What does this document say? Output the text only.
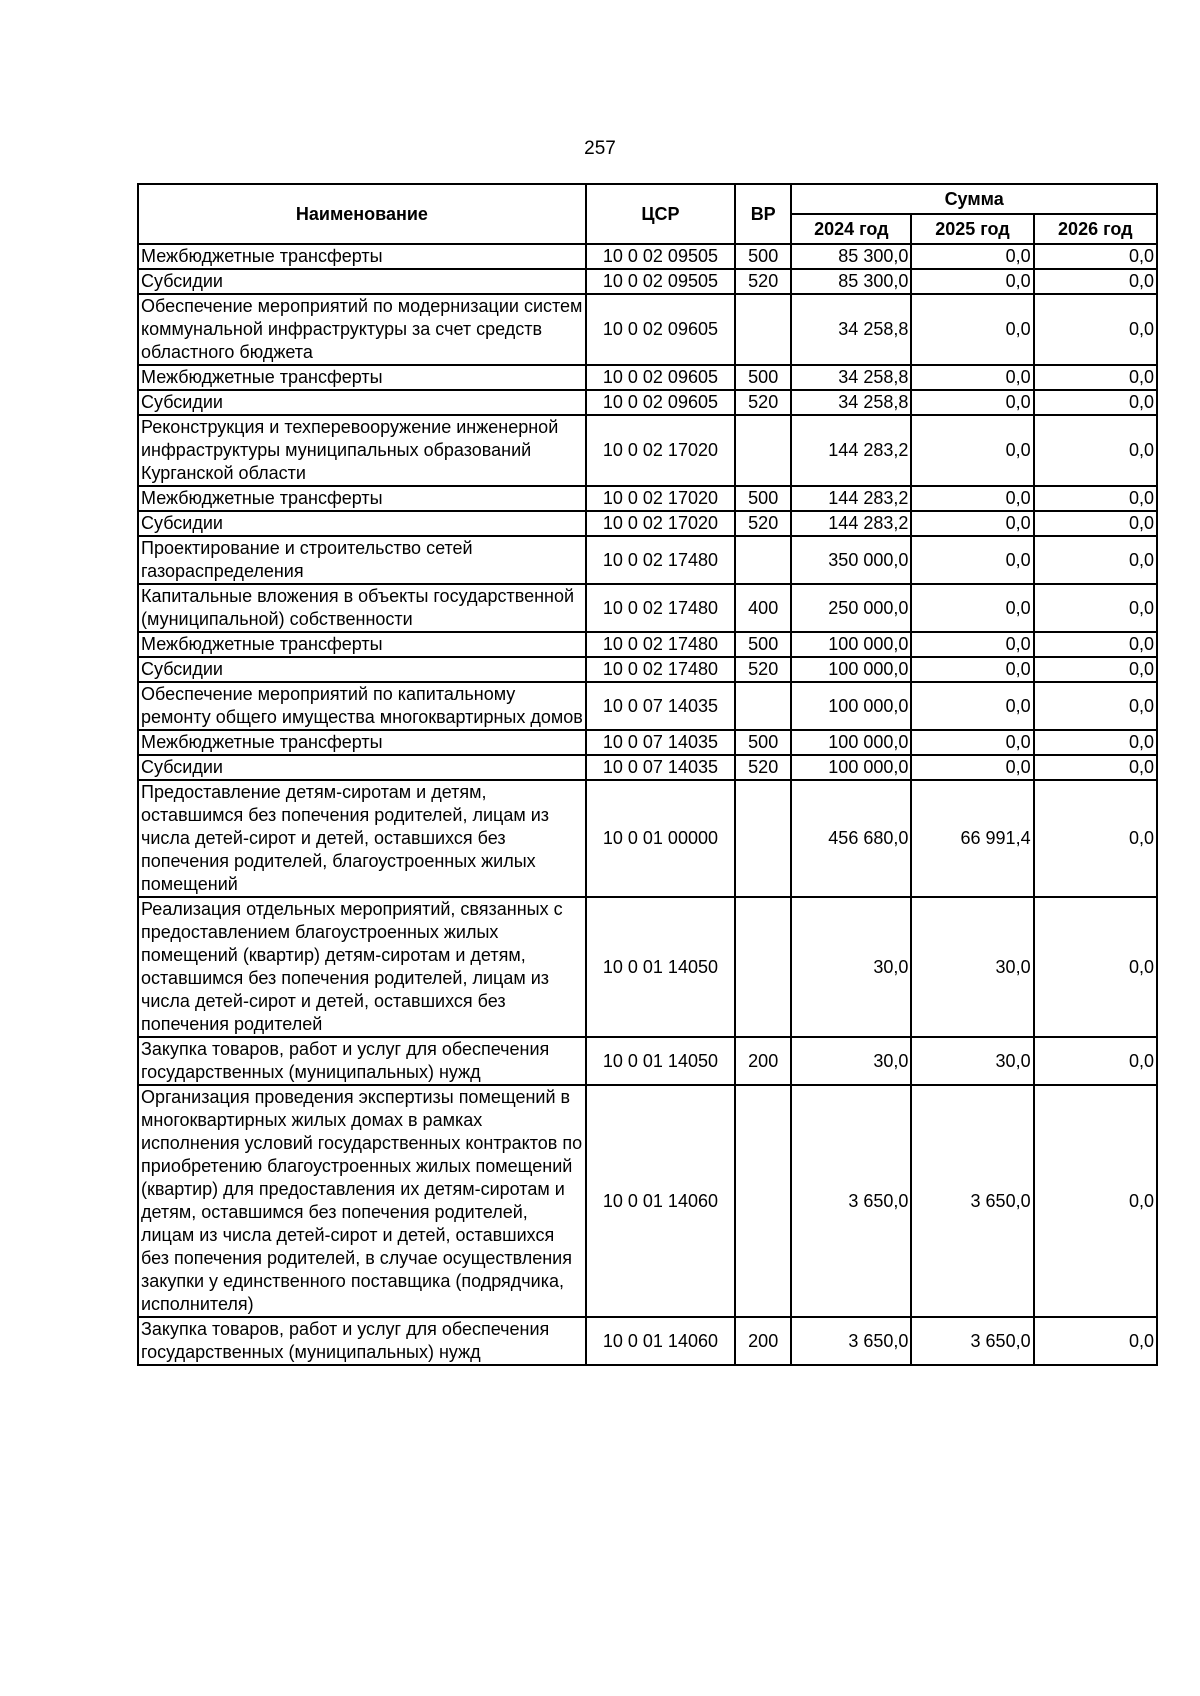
257
Наименование	ЦСР	ВР	Сумма		
			2024 год	2025 год	2026 год
Межбюджетные трансферты	10 0 02 09505	500	85 300,0	0,0	0,0
Субсидии	10 0 02 09505	520	85 300,0	0,0	0,0
Обеспечение мероприятий по модернизации систем коммунальной инфраструктуры за счет средств областного бюджета	10 0 02 09605		34 258,8	0,0	0,0
Межбюджетные трансферты	10 0 02 09605	500	34 258,8	0,0	0,0
Субсидии	10 0 02 09605	520	34 258,8	0,0	0,0
Реконструкция и техперевооружение инженерной инфраструктуры муниципальных образований Курганской области	10 0 02 17020		144 283,2	0,0	0,0
Межбюджетные трансферты	10 0 02 17020	500	144 283,2	0,0	0,0
Субсидии	10 0 02 17020	520	144 283,2	0,0	0,0
Проектирование и строительство сетей газораспределения	10 0 02 17480		350 000,0	0,0	0,0
Капитальные вложения в объекты государственной (муниципальной) собственности	10 0 02 17480	400	250 000,0	0,0	0,0
Межбюджетные трансферты	10 0 02 17480	500	100 000,0	0,0	0,0
Субсидии	10 0 02 17480	520	100 000,0	0,0	0,0
Обеспечение мероприятий по капитальному ремонту общего имущества многоквартирных домов	10 0 07 14035		100 000,0	0,0	0,0
Межбюджетные трансферты	10 0 07 14035	500	100 000,0	0,0	0,0
Субсидии	10 0 07 14035	520	100 000,0	0,0	0,0
Предоставление детям-сиротам и детям, оставшимся без попечения родителей, лицам из числа детей-сирот и детей, оставшихся без попечения родителей, благоустроенных жилых помещений	10 0 01 00000		456 680,0	66 991,4	0,0
Реализация отдельных мероприятий, связанных с предоставлением благоустроенных жилых помещений (квартир) детям-сиротам и детям, оставшимся без попечения родителей, лицам из числа детей-сирот и детей, оставшихся без попечения родителей	10 0 01 14050		30,0	30,0	0,0
Закупка товаров, работ и услуг для обеспечения государственных (муниципальных) нужд	10 0 01 14050	200	30,0	30,0	0,0
Организация проведения экспертизы помещений в многоквартирных жилых домах в рамках исполнения условий государственных контрактов по приобретению благоустроенных жилых помещений (квартир) для предоставления их детям-сиротам и детям, оставшимся без попечения родителей, лицам из числа детей-сирот и детей, оставшихся без попечения родителей, в случае осуществления закупки у единственного поставщика (подрядчика, исполнителя)	10 0 01 14060		3 650,0	3 650,0	0,0
Закупка товаров, работ и услуг для обеспечения государственных (муниципальных) нужд	10 0 01 14060	200	3 650,0	3 650,0	0,0
